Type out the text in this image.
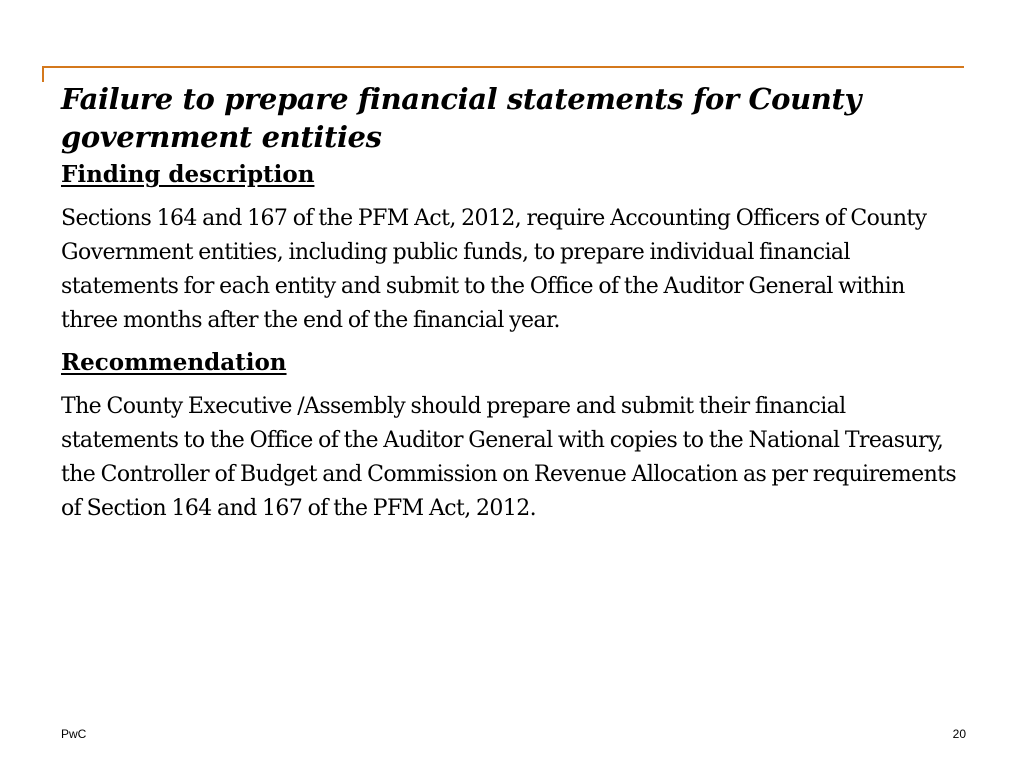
Failure to prepare financial statements for County government entities
Finding description

Sections 164 and 167 of the PFM Act, 2012, require Accounting Officers of County Government entities, including public funds, to prepare individual financial statements for each entity and submit to the Office of the Auditor General within three months after the end of the financial year.

Recommendation

The County Executive /Assembly should prepare and submit their financial statements to the Office of the Auditor General with copies to the National Treasury, the Controller of Budget and Commission on Revenue Allocation as per requirements of Section 164 and 167 of the PFM Act, 2012.

PwC	20
